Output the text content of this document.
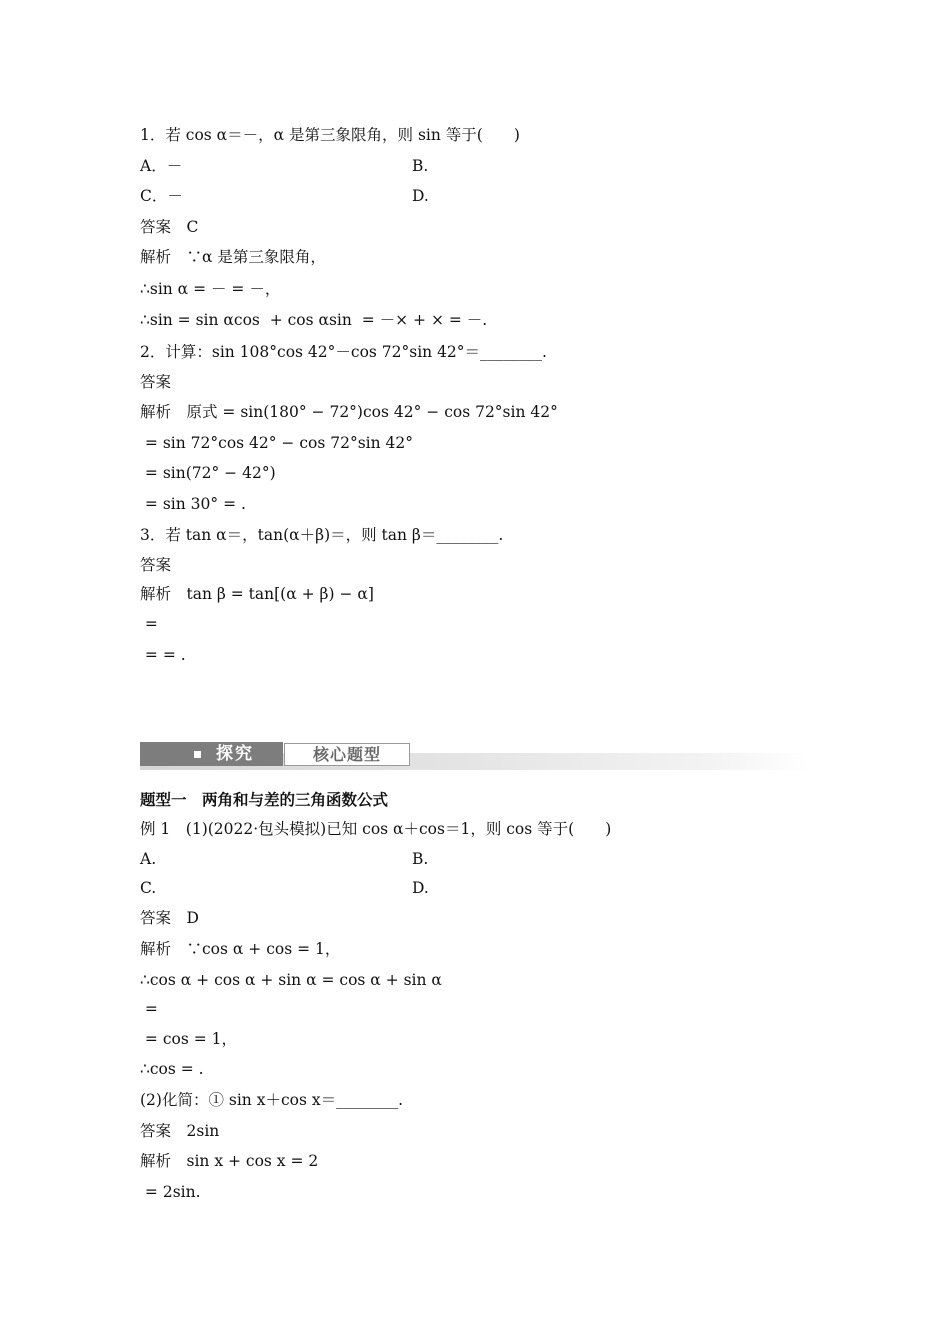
1．若 cos α＝－，α 是第三象限角，则 sin 等于(　　)
A．－
C．－
答案　C
解析　∵α 是第三象限角，
∴sin α = － = －，
∴sin = sin αcos  + cos αsin  = －× + × = －.
2．计算：sin 108°cos 42°－cos 72°sin 42°＝________.
答案
解析　原式 = sin(180° − 72°)cos 42° − cos 72°sin 42°
= sin 72°cos 42° − cos 72°sin 42°
= sin(72° − 42°)
= sin 30° = .
3．若 tan α＝，tan(α＋β)＝，则 tan β＝________.
答案
解析　tan β = tan[(α + β) − α]
=
= = .
题型一　两角和与差的三角函数公式
例 1　(1)(2022·包头模拟)已知 cos α＋cos＝1，则 cos 等于(　　)
A.
C.
答案　D
解析　∵cos α + cos = 1，
∴cos α + cos α + sin α = cos α + sin α
=
= cos = 1，
∴cos = .
(2)化简：① sin x＋cos x＝________.
答案　2sin
解析　sin x + cos x = 2
= 2sin.
B.
D.
B.
D.
探究	核心题型
